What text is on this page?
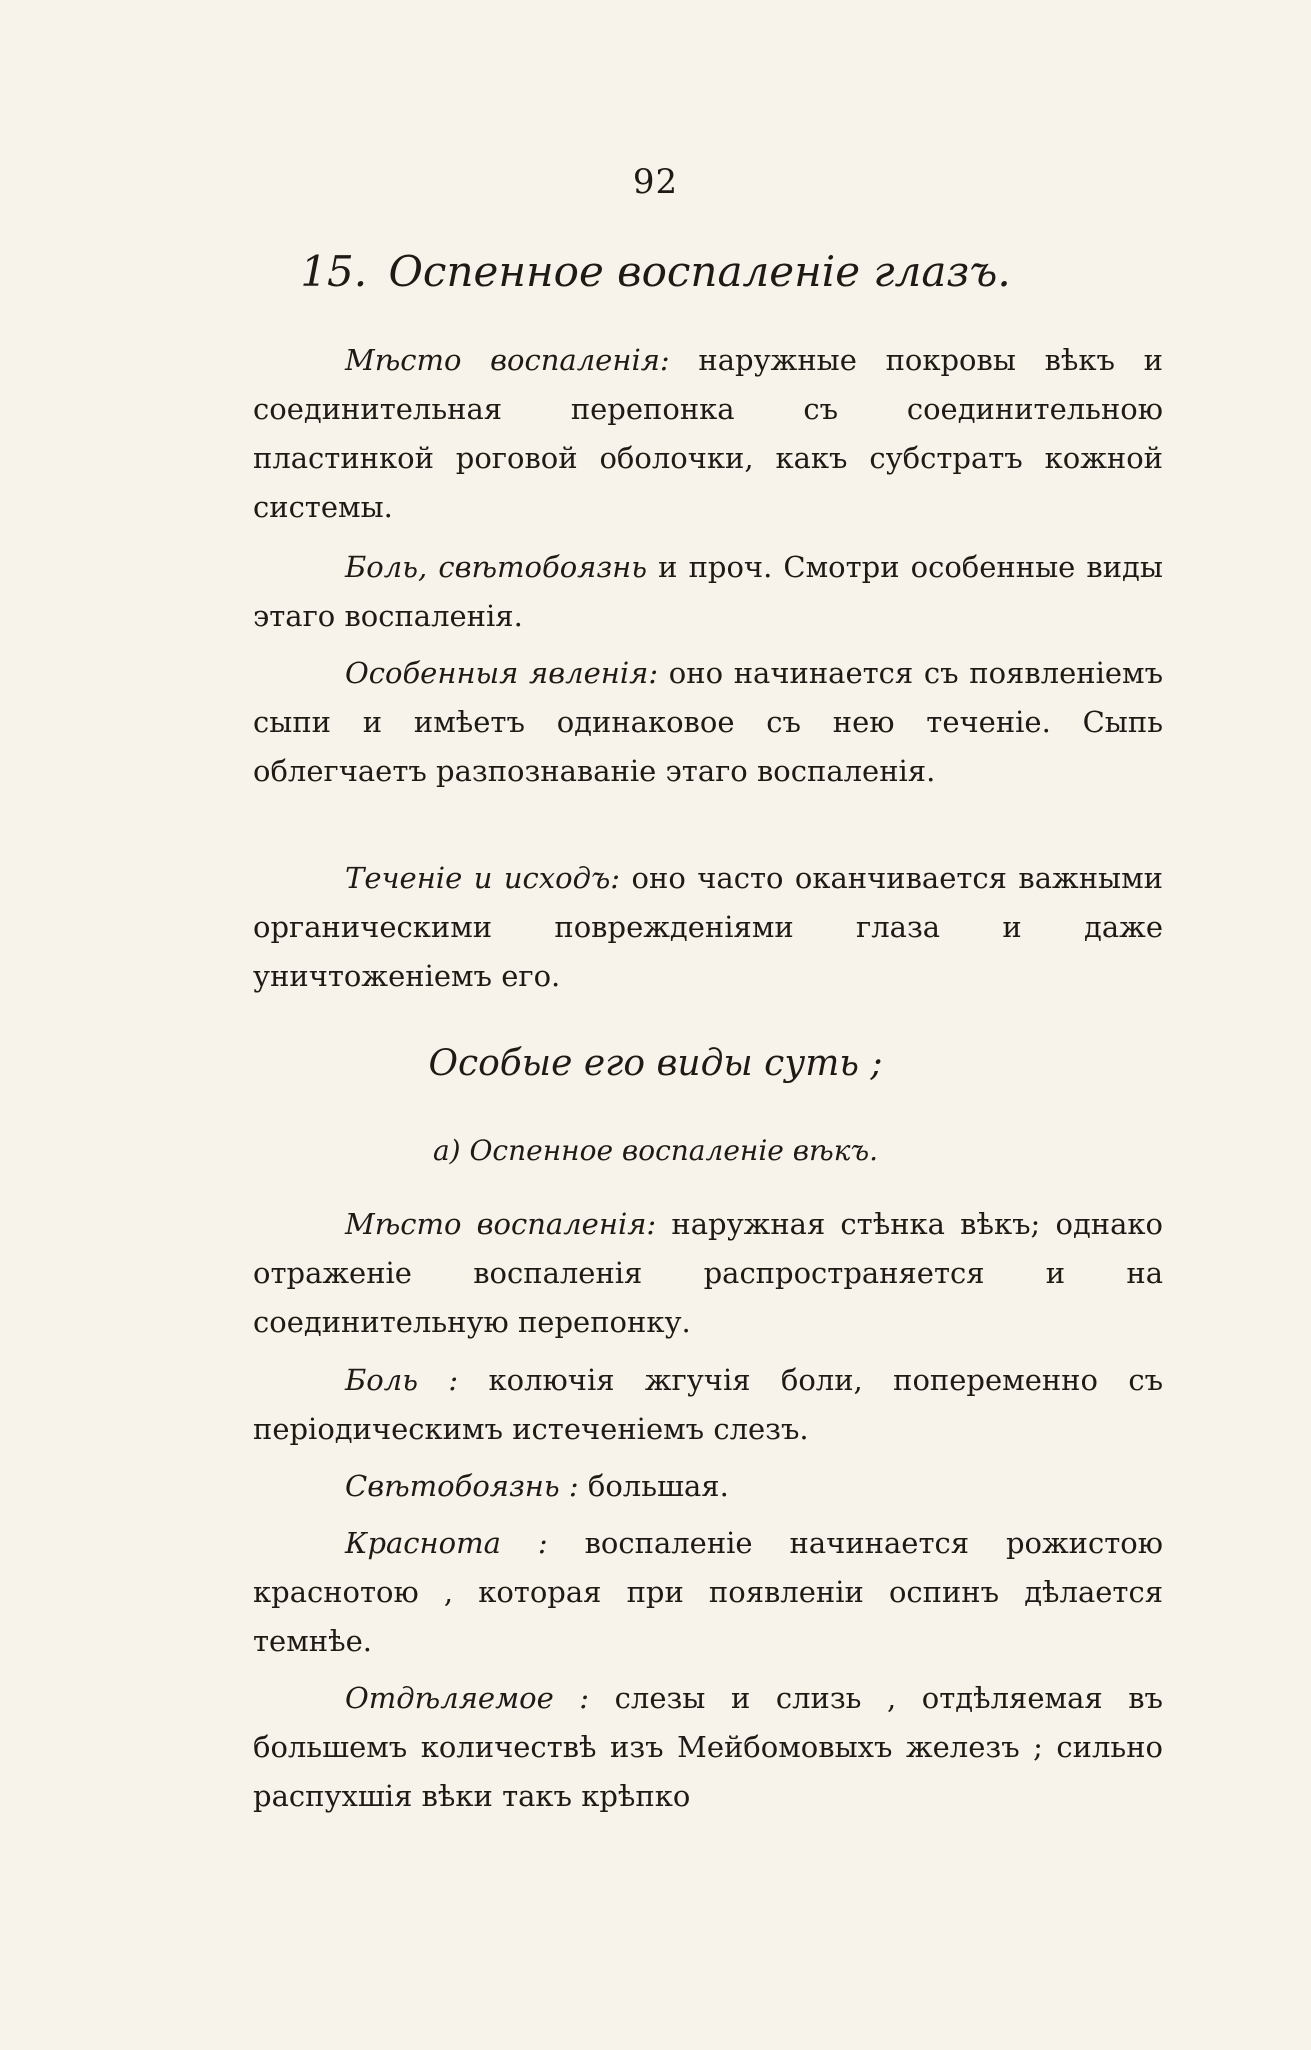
92
15. Оспенное воспаленіе глазъ.

Мѣсто воспаленія: наружные покровы вѣкъ и соединительная перепонка съ соединительною пластинкой роговой оболочки, какъ субстратъ кожной системы.

Боль, свѣтобоязнь и проч. Смотри особенные виды этаго воспаленія.

Особенныя явленія: оно начинается съ появленіемъ сыпи и имѣетъ одинаковое съ нею теченіе. Сыпь облегчаетъ разпознаваніе этаго воспаленія.

Теченіе и исходъ: оно часто оканчивается важными органическими поврежденіями глаза и даже уничтоженіемъ его.

Особые его виды суть ;
а) Оспенное воспаленіе вѣкъ.

Мѣсто воспаленія: наружная стѣнка вѣкъ; однако отраженіе воспаленія распространяется и на соединительную перепонку.

Боль : колючія жгучія боли, попеременно съ періодическимъ истеченіемъ слезъ.

Свѣтобоязнь : большая.

Краснота : воспаленіе начинается рожистою краснотою , которая при появленіи оспинъ дѣлается темнѣе.

Отдѣляемое : слезы и слизь , отдѣляемая въ большемъ количествѣ изъ Мейбомовыхъ железъ ; сильно распухшія вѣки такъ крѣпко
